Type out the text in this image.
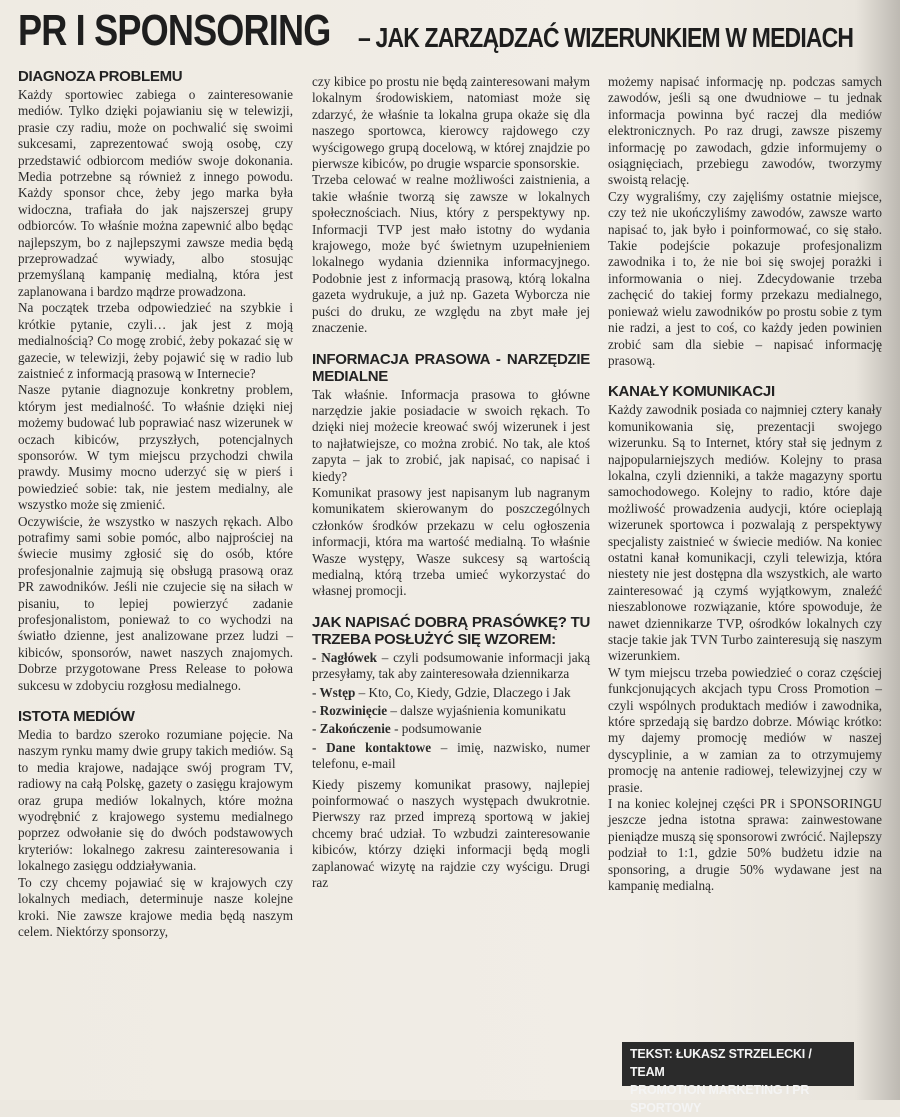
PR I SPONSORING – JAK ZARZĄDZAĆ WIZERUNKIEM W MEDIACH
DIAGNOZA PROBLEMU

Każdy sportowiec zabiega o zainteresowanie mediów. Tylko dzięki pojawianiu się w telewizji, prasie czy radiu, może on pochwalić się swoimi sukcesami, zaprezentować swoją osobę, czy przedstawić odbiorcom mediów swoje dokonania. Media potrzebne są również z innego powodu. Każdy sponsor chce, żeby jego marka była widoczna, trafiała do jak najszerszej grupy odbiorców. To właśnie można zapewnić albo będąc najlepszym, bo z najlepszymi zawsze media będą przeprowadzać wywiady, albo stosując przemyślaną kampanię medialną, która jest zaplanowana i bardzo mądrze prowadzona.

Na początek trzeba odpowiedzieć na szybkie i krótkie pytanie, czyli… jak jest z moją medialnością? Co mogę zrobić, żeby pokazać się w gazecie, w telewizji, żeby pojawić się w radio lub zaistnieć z informacją prasową w Internecie?

Nasze pytanie diagnozuje konkretny problem, którym jest medialność. To właśnie dzięki niej możemy budować lub poprawiać nasz wizerunek w oczach kibiców, przyszłych, potencjalnych sponsorów. W tym miejscu przychodzi chwila prawdy. Musimy mocno uderzyć się w pierś i powiedzieć sobie: tak, nie jestem medialny, ale wszystko może się zmienić.

Oczywiście, że wszystko w naszych rękach. Albo potrafimy sami sobie pomóc, albo najprościej na świecie musimy zgłosić się do osób, które profesjonalnie zajmują się obsługą prasową oraz PR zawodników. Jeśli nie czujecie się na siłach w pisaniu, to lepiej powierzyć zadanie profesjonalistom, ponieważ to co wychodzi na światło dzienne, jest analizowane przez ludzi – kibiców, sponsorów, nawet naszych znajomych. Dobrze przygotowane Press Release to połowa sukcesu w zdobyciu rozgłosu medialnego.

ISTOTA MEDIÓW

Media to bardzo szeroko rozumiane pojęcie. Na naszym rynku mamy dwie grupy takich mediów. Są to media krajowe, nadające swój program TV, radiowy na całą Polskę, gazety o zasięgu krajowym oraz grupa mediów lokalnych, które można wyodrębnić z krajowego systemu medialnego poprzez odwołanie się do dwóch podstawowych kryteriów: lokalnego zakresu zainteresowania i lokalnego zasięgu oddziaływania.

To czy chcemy pojawiać się w krajowych czy lokalnych mediach, determinuje nasze kolejne kroki. Nie zawsze krajowe media będą naszym celem. Niektórzy sponsorzy,

czy kibice po prostu nie będą zainteresowani małym lokalnym środowiskiem, natomiast może się zdarzyć, że właśnie ta lokalna grupa okaże się dla naszego sportowca, kierowcy rajdowego czy wyścigowego grupą docelową, w której znajdzie po pierwsze kibiców, po drugie wsparcie sponsorskie.

Trzeba celować w realne możliwości zaistnienia, a takie właśnie tworzą się zawsze w lokalnych społecznościach. Nius, który z perspektywy np. Informacji TVP jest mało istotny do wydania krajowego, może być świetnym uzupełnieniem lokalnego wydania dziennika informacyjnego. Podobnie jest z informacją prasową, którą lokalna gazeta wydrukuje, a już np. Gazeta Wyborcza nie puści do druku, ze względu na zbyt małe jej znaczenie.

INFORMACJA PRASOWA - NARZĘDZIE MEDIALNE

Tak właśnie. Informacja prasowa to główne narzędzie jakie posiadacie w swoich rękach. To dzięki niej możecie kreować swój wizerunek i jest to najłatwiejsze, co można zrobić. No tak, ale ktoś zapyta – jak to zrobić, jak napisać, co napisać i kiedy?

Komunikat prasowy jest napisanym lub nagranym komunikatem skierowanym do poszczególnych członków środków przekazu w celu ogłoszenia informacji, która ma wartość medialną. To właśnie Wasze występy, Wasze sukcesy są wartością medialną, którą trzeba umieć wykorzystać do własnej promocji.

JAK NAPISAĆ DOBRĄ PRASÓWKĘ? TU TRZEBA POSŁUŻYĆ SIĘ WZOREM:
- Nagłówek – czyli podsumowanie informacji jaką przesyłamy, tak aby zainteresowała dziennikarza
- Wstęp – Kto, Co, Kiedy, Gdzie, Dlaczego i Jak
- Rozwinięcie – dalsze wyjaśnienia komunikatu
- Zakończenie - podsumowanie
- Dane kontaktowe – imię, nazwisko, numer telefonu, e-mail

Kiedy piszemy komunikat prasowy, najlepiej poinformować o naszych występach dwukrotnie. Pierwszy raz przed imprezą sportową w jakiej chcemy brać udział. To wzbudzi zainteresowanie kibiców, którzy dzięki informacji będą mogli zaplanować wizytę na rajdzie czy wyścigu. Drugi raz

możemy napisać informację np. podczas samych zawodów, jeśli są one dwudniowe – tu jednak informacja powinna być raczej dla mediów elektronicznych. Po raz drugi, zawsze piszemy informację po zawodach, gdzie informujemy o osiągnięciach, przebiegu zawodów, tworzymy swoistą relację.

Czy wygraliśmy, czy zajęliśmy ostatnie miejsce, czy też nie ukończyliśmy zawodów, zawsze warto napisać to, jak było i poinformować, co się stało. Takie podejście pokazuje profesjonalizm zawodnika i to, że nie boi się swojej porażki i informowania o niej. Zdecydowanie trzeba zachęcić do takiej formy przekazu medialnego, ponieważ wielu zawodników po prostu sobie z tym nie radzi, a jest to coś, co każdy jeden powinien zrobić sam dla siebie – napisać informację prasową.

KANAŁY KOMUNIKACJI

Każdy zawodnik posiada co najmniej cztery kanały komunikowania się, prezentacji swojego wizerunku. Są to Internet, który stał się jednym z najpopularniejszych mediów. Kolejny to prasa lokalna, czyli dzienniki, a także magazyny sportu samochodowego. Kolejny to radio, które daje możliwość prowadzenia audycji, które ocieplają wizerunek sportowca i pozwalają z perspektywy specjalisty zaistnieć w świecie mediów. Na koniec ostatni kanał komunikacji, czyli telewizja, która niestety nie jest dostępna dla wszystkich, ale warto zainteresować ją czymś wyjątkowym, znaleźć nieszablonowe rozwiązanie, które spowoduje, że nawet dziennikarze TVP, ośrodków lokalnych czy stacje takie jak TVN Turbo zainteresują się naszym wizerunkiem.

W tym miejscu trzeba powiedzieć o coraz częściej funkcjonujących akcjach typu Cross Promotion – czyli wspólnych produktach mediów i zawodnika, które sprzedają się bardzo dobrze. Mówiąc krótko: my dajemy promocję mediów w naszej dyscyplinie, a w zamian za to otrzymujemy promocję na antenie radiowej, telewizyjnej czy w prasie.

I na koniec kolejnej części PR i SPONSORINGU jeszcze jedna istotna sprawa: zainwestowane pieniądze muszą się sponsorowi zwrócić. Najlepszy podział to 1:1, gdzie 50% budżetu idzie na sponsoring, a drugie 50% wydawane jest na kampanię medialną.

TEKST: ŁUKASZ STRZELECKI / TEAM
PROMOTION MARKETING I PR SPORTOWY
